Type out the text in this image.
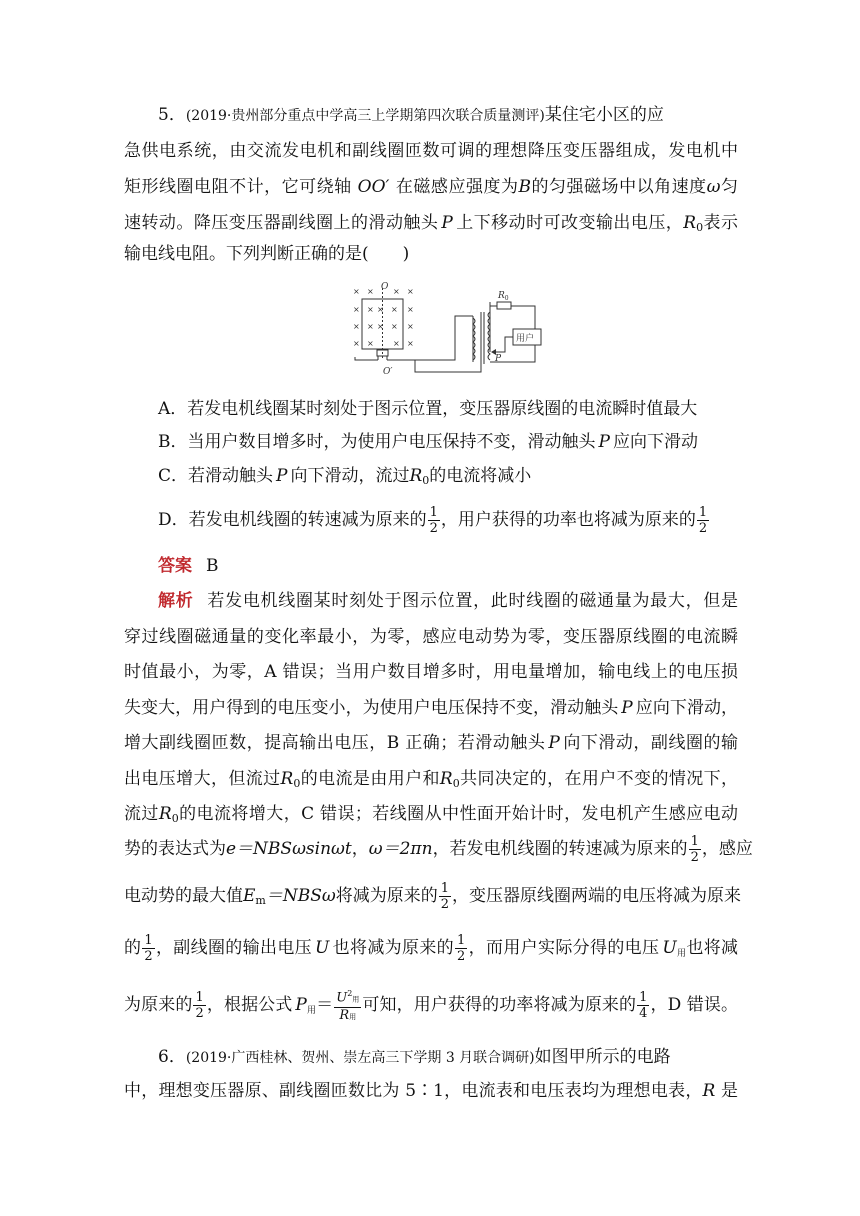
5．(2019·贵州部分重点中学高三上学期第四次联合质量测评)某住宅小区的应
急供电系统，由交流发电机和副线圈匝数可调的理想降压变压器组成，发电机中
矩形线圈电阻不计，它可绕轴 OO′ 在磁感应强度为B的匀强磁场中以角速度ω匀
速转动。降压变压器副线圈上的滑动触头 P 上下移动时可改变输出电压，$R_0$表示
输电线电阻。下列判断正确的是(　　)
× × × ×
× × × × ×
× × × × ×
× × × ×
O
O′
$R_0$
用户
P
A．若发电机线圈某时刻处于图示位置，变压器原线圈的电流瞬时值最大
B．当用户数目增多时，为使用户电压保持不变，滑动触头 P 应向下滑动
C．若滑动触头 P 向下滑动，流过$R_0$的电流将减小
D．若发电机线圈的转速减为原来的 $\frac{1}{2}$ ，用户获得的功率也将减为原来的 $\frac{1}{2}$
答案 B
解析 若发电机线圈某时刻处于图示位置，此时线圈的磁通量为最大，但是
穿过线圈磁通量的变化率最小，为零，感应电动势为零，变压器原线圈的电流瞬
时值最小，为零，A 错误；当用户数目增多时，用电量增加，输电线上的电压损
失变大，用户得到的电压变小，为使用户电压保持不变，滑动触头 P 应向下滑动，
增大副线圈匝数，提高输出电压，B 正确；若滑动触头 P 向下滑动，副线圈的输
出电压增大，但流过$R_0$的电流是由用户和$R_0$共同决定的，在用户不变的情况下，
流过$R_0$的电流将增大，C 错误；若线圈从中性面开始计时，发电机产生感应电动
势的表达式为e＝NBSωsinωt，ω＝2πn，若发电机线圈的转速减为原来的 $\frac{1}{2}$ ，感应
电动势的最大值$E_m=NBS\omega$将减为原来的 $\frac{1}{2}$ ，变压器原线圈两端的电压将减为原来
的 $\frac{1}{2}$ ，副线圈的输出电压 U 也将减为原来的 $\frac{1}{2}$ ，而用户实际分得的电压 $U_用$也将减
为原来的 $\frac{1}{2}$ ，根据公式 $P_用= \frac{U^2用}{\text{R用}}$ 可知，用户获得的功率将减为原来的 $\frac{1}{4}$ ，D 错误。
6．(2019·广西桂林、贺州、崇左高三下学期 3 月联合调研)如图甲所示的电路
中，理想变压器原、副线圈匝数比为 5∶1，电流表和电压表均为理想电表，R 是
